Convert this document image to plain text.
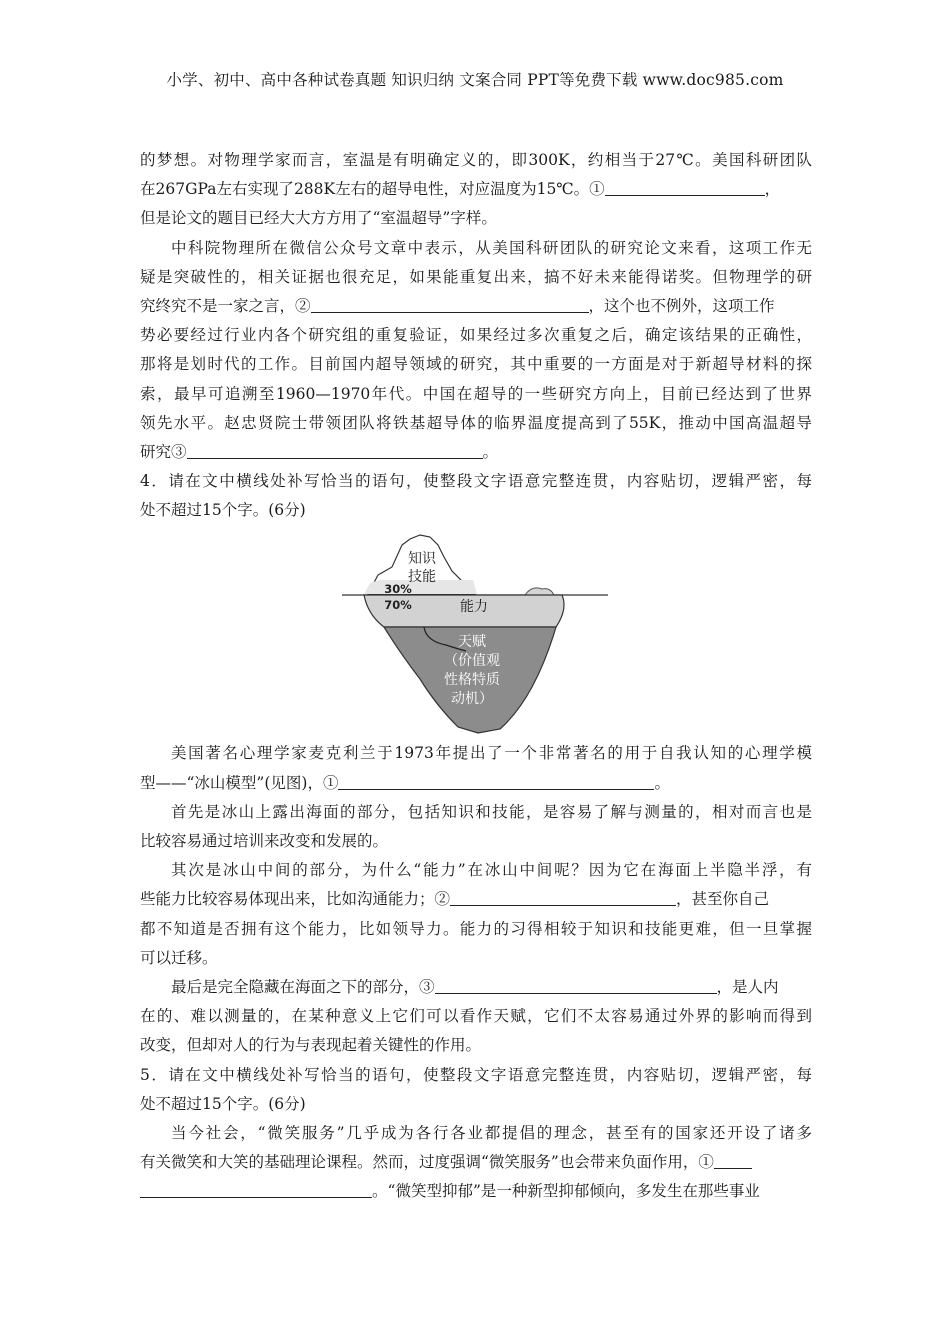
小学、初中、高中各种试卷真题 知识归纳 文案合同 PPT等免费下载 www.doc985.com
的梦想。对物理学家而言，室温是有明确定义的，即300K，约相当于27℃。美国科研团队
在267GPa左右实现了288K左右的超导电性，对应温度为15℃。①	，
但是论文的题目已经大大方方用了“室温超导”字样。
中科院物理所在微信公众号文章中表示，从美国科研团队的研究论文来看，这项工作无
疑是突破性的，相关证据也很充足，如果能重复出来，搞不好未来能得诺奖。但物理学的研
究终究不是一家之言，②	，这个也不例外，这项工作
势必要经过行业内各个研究组的重复验证，如果经过多次重复之后，确定该结果的正确性，
那将是划时代的工作。目前国内超导领域的研究，其中重要的一方面是对于新超导材料的探
索，最早可追溯至1960—1970年代。中国在超导的一些研究方向上，目前已经达到了世界
领先水平。赵忠贤院士带领团队将铁基超导体的临界温度提高到了55K，推动中国高温超导
研究③	。
4．请在文中横线处补写恰当的语句，使整段文字语意完整连贯，内容贴切，逻辑严密，每
处不超过15个字。(6分)
知识
技能
30%
70%	能力
天赋
（价值观
性格特质
动机）
美国著名心理学家麦克利兰于1973年提出了一个非常著名的用于自我认知的心理学模
型——“冰山模型”(见图)，①	。
首先是冰山上露出海面的部分，包括知识和技能，是容易了解与测量的，相对而言也是
比较容易通过培训来改变和发展的。
其次是冰山中间的部分，为什么“能力”在冰山中间呢？因为它在海面上半隐半浮，有
些能力比较容易体现出来，比如沟通能力；②	，甚至你自己
都不知道是否拥有这个能力，比如领导力。能力的习得相较于知识和技能更难，但一旦掌握
可以迁移。
最后是完全隐藏在海面之下的部分，③	，是人内
在的、难以测量的，在某种意义上它们可以看作天赋，它们不太容易通过外界的影响而得到
改变，但却对人的行为与表现起着关键性的作用。
5．请在文中横线处补写恰当的语句，使整段文字语意完整连贯，内容贴切，逻辑严密，每
处不超过15个字。(6分)
当今社会，“微笑服务”几乎成为各行各业都提倡的理念，甚至有的国家还开设了诸多
有关微笑和大笑的基础理论课程。然而，过度强调“微笑服务”也会带来负面作用，①
。“微笑型抑郁”是一种新型抑郁倾向，多发生在那些事业
